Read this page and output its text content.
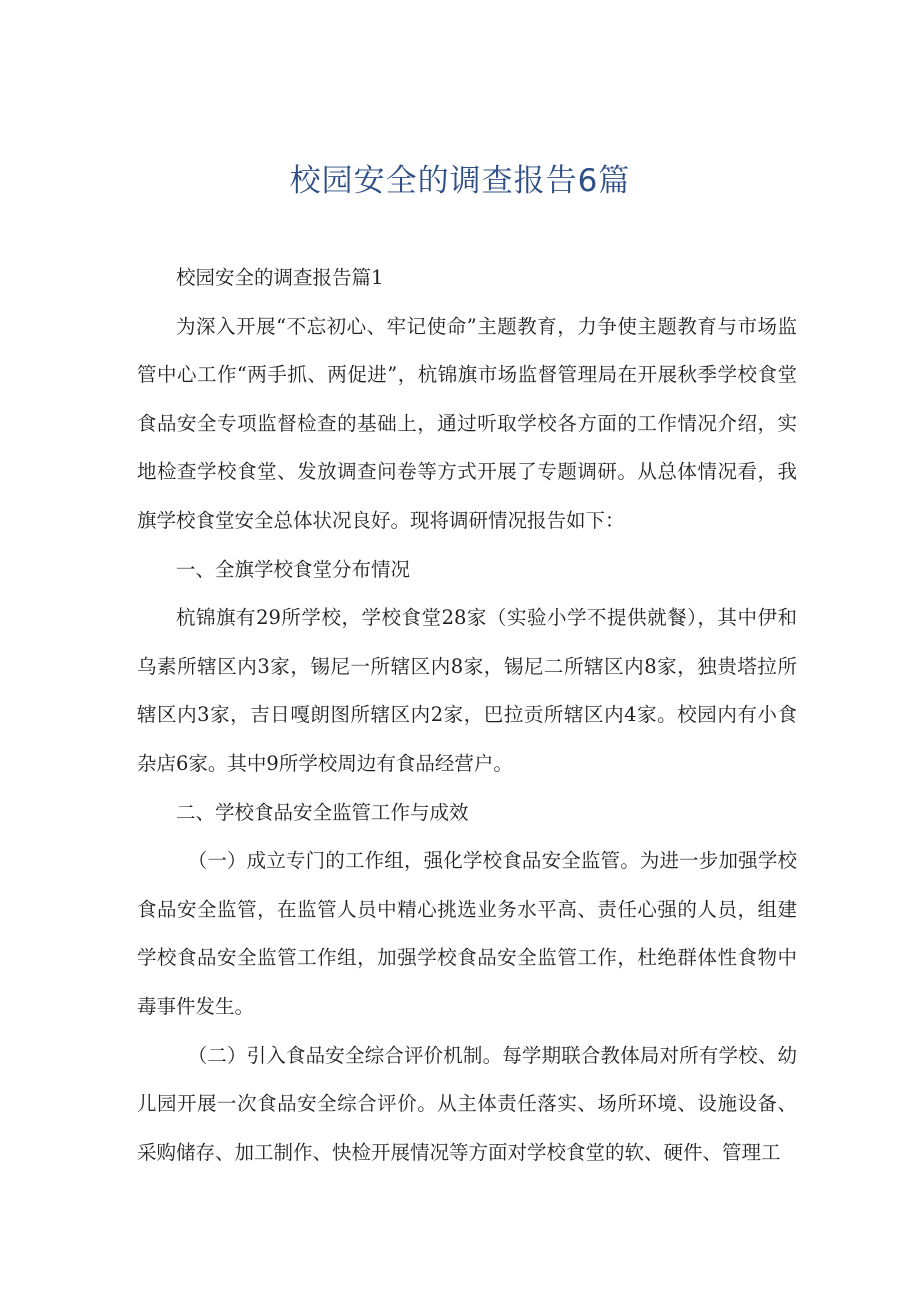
校园安全的调查报告6篇

校园安全的调查报告篇1

为深入开展“不忘初心、牢记使命”主题教育，力争使主题教育与市场监管中心工作“两手抓、两促进”，杭锦旗市场监督管理局在开展秋季学校食堂食品安全专项监督检查的基础上，通过听取学校各方面的工作情况介绍，实地检查学校食堂、发放调查问卷等方式开展了专题调研。从总体情况看，我旗学校食堂安全总体状况良好。现将调研情况报告如下：

一、全旗学校食堂分布情况

杭锦旗有29所学校，学校食堂28家（实验小学不提供就餐），其中伊和乌素所辖区内3家，锡尼一所辖区内8家，锡尼二所辖区内8家，独贵塔拉所辖区内3家，吉日嘎朗图所辖区内2家，巴拉贡所辖区内4家。校园内有小食杂店6家。其中9所学校周边有食品经营户。

二、学校食品安全监管工作与成效

（一）成立专门的工作组，强化学校食品安全监管。为进一步加强学校食品安全监管，在监管人员中精心挑选业务水平高、责任心强的人员，组建学校食品安全监管工作组，加强学校食品安全监管工作，杜绝群体性食物中毒事件发生。

（二）引入食品安全综合评价机制。每学期联合教体局对所有学校、幼儿园开展一次食品安全综合评价。从主体责任落实、场所环境、设施设备、采购储存、加工制作、快检开展情况等方面对学校食堂的软、硬件、管理工
